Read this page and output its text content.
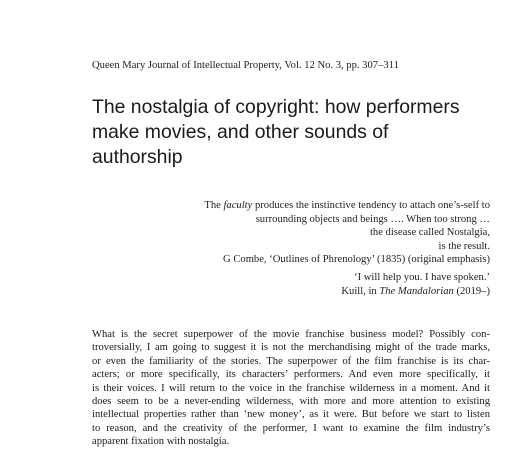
Queen Mary Journal of Intellectual Property, Vol. 12 No. 3, pp. 307–311
The nostalgia of copyright: how performers
make movies, and other sounds of
authorship
The faculty produces the instinctive tendency to attach one’s-self to
surrounding objects and beings …. When too strong …
the disease called Nostalgia,
is the result.
G Combe, ‘Outlines of Phrenology’ (1835) (original emphasis)
‘I will help you. I have spoken.’
Kuill, in The Mandalorian (2019–)
What is the secret superpower of the movie franchise business model? Possibly con-
troversially, I am going to suggest it is not the merchandising might of the trade marks,
or even the familiarity of the stories. The superpower of the film franchise is its char-
acters; or more specifically, its characters’ performers. And even more specifically, it
is their voices. I will return to the voice in the franchise wilderness in a moment. And it
does seem to be a never-ending wilderness, with more and more attention to existing
intellectual properties rather than ‘new money’, as it were. But before we start to listen
to reason, and the creativity of the performer, I want to examine the film industry’s
apparent fixation with nostalgia.
